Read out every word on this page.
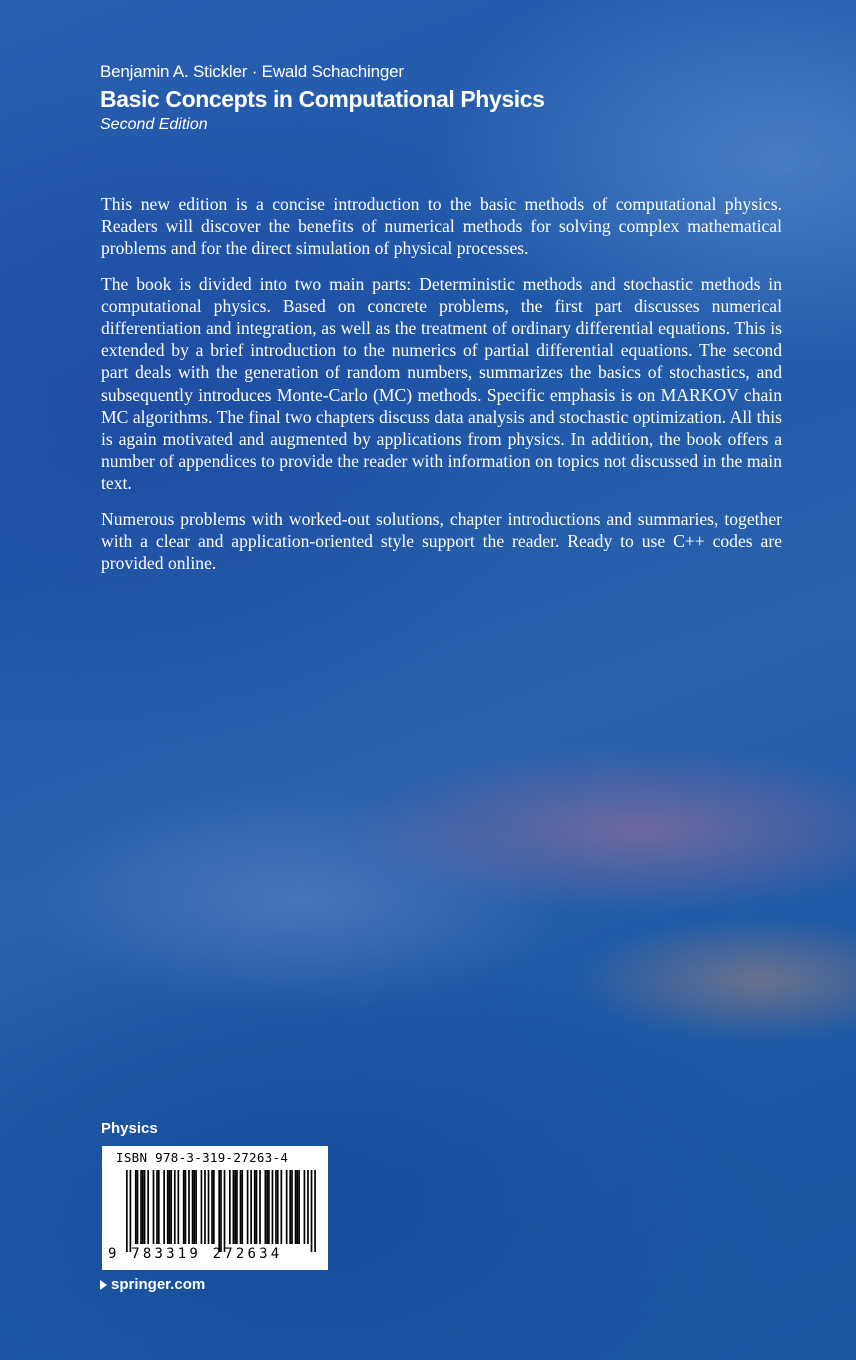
Benjamin A. Stickler · Ewald Schachinger
Basic Concepts in Computational Physics
Second Edition

This new edition is a concise introduction to the basic methods of computational physics. Readers will discover the benefits of numerical methods for solving complex mathematical problems and for the direct simulation of physical processes.

The book is divided into two main parts: Deterministic methods and stochastic methods in computational physics. Based on concrete problems, the first part discusses numerical differentiation and integration, as well as the treatment of ordinary differential equations. This is extended by a brief introduction to the numerics of partial differential equations. The second part deals with the generation of random numbers, summarizes the basics of stochastics, and subsequently introduces Monte-Carlo (MC) methods. Specific emphasis is on MARKOV chain MC algorithms. The final two chapters discuss data analysis and stochastic optimization. All this is again motivated and augmented by applications from physics. In addition, the book offers a number of appendices to provide the reader with information on topics not discussed in the main text.

Numerous problems with worked-out solutions, chapter introductions and summaries, together with a clear and application-oriented style support the reader. Ready to use C++ codes are provided online.

Physics
ISBN 978-3-319-27263-4
9 783319 272634
springer.com
